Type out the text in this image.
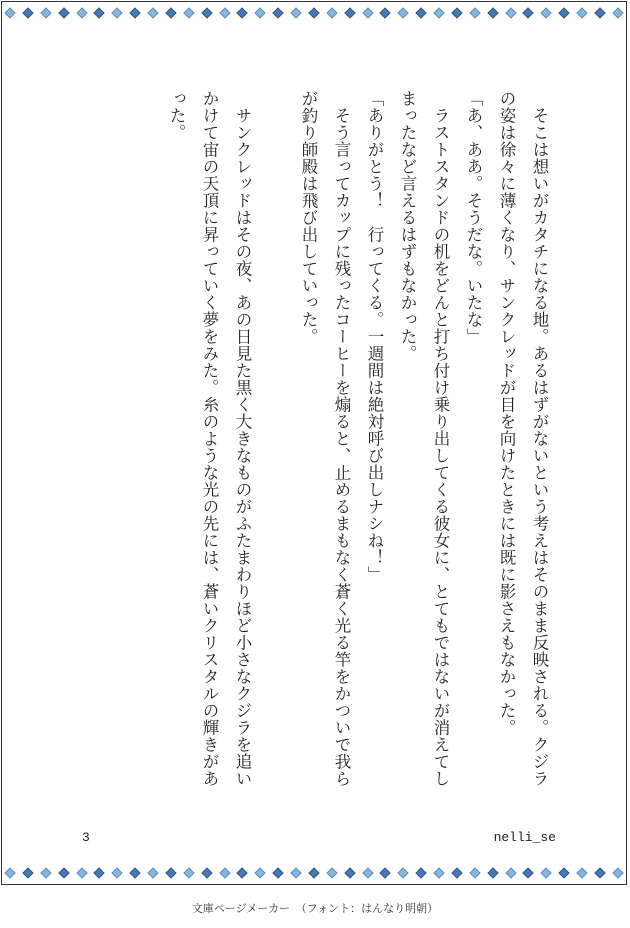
　そこは想いがカタチになる地。あるはずがないという考えはそのまま反映される。クジラの姿は徐々に薄くなり、サンクレッドが目を向けたときには既に影さえもなかった。

「あ、ああ。そうだな。いたな」

　ラストスタンドの机をどんと打ち付け乗り出してくる彼女に、とてもではないが消えてしまったなど言えるはずもなかった。

「ありがとう！　行ってくる。一週間は絶対呼び出しナシね！」

　そう言ってカップに残ったコーヒーを煽ると、止めるまもなく蒼く光る竿をかついで我らが釣り師殿は飛び出していった。

　サンクレッドはその夜、あの日見た黒く大きなものがふたまわりほど小さなクジラを追いかけて宙の天頂に昇っていく夢をみた。糸のような光の先には、蒼いクリスタルの輝きがあった。

3	nelli_se
文庫ページメーカー　（フォント：はんなり明朝）
